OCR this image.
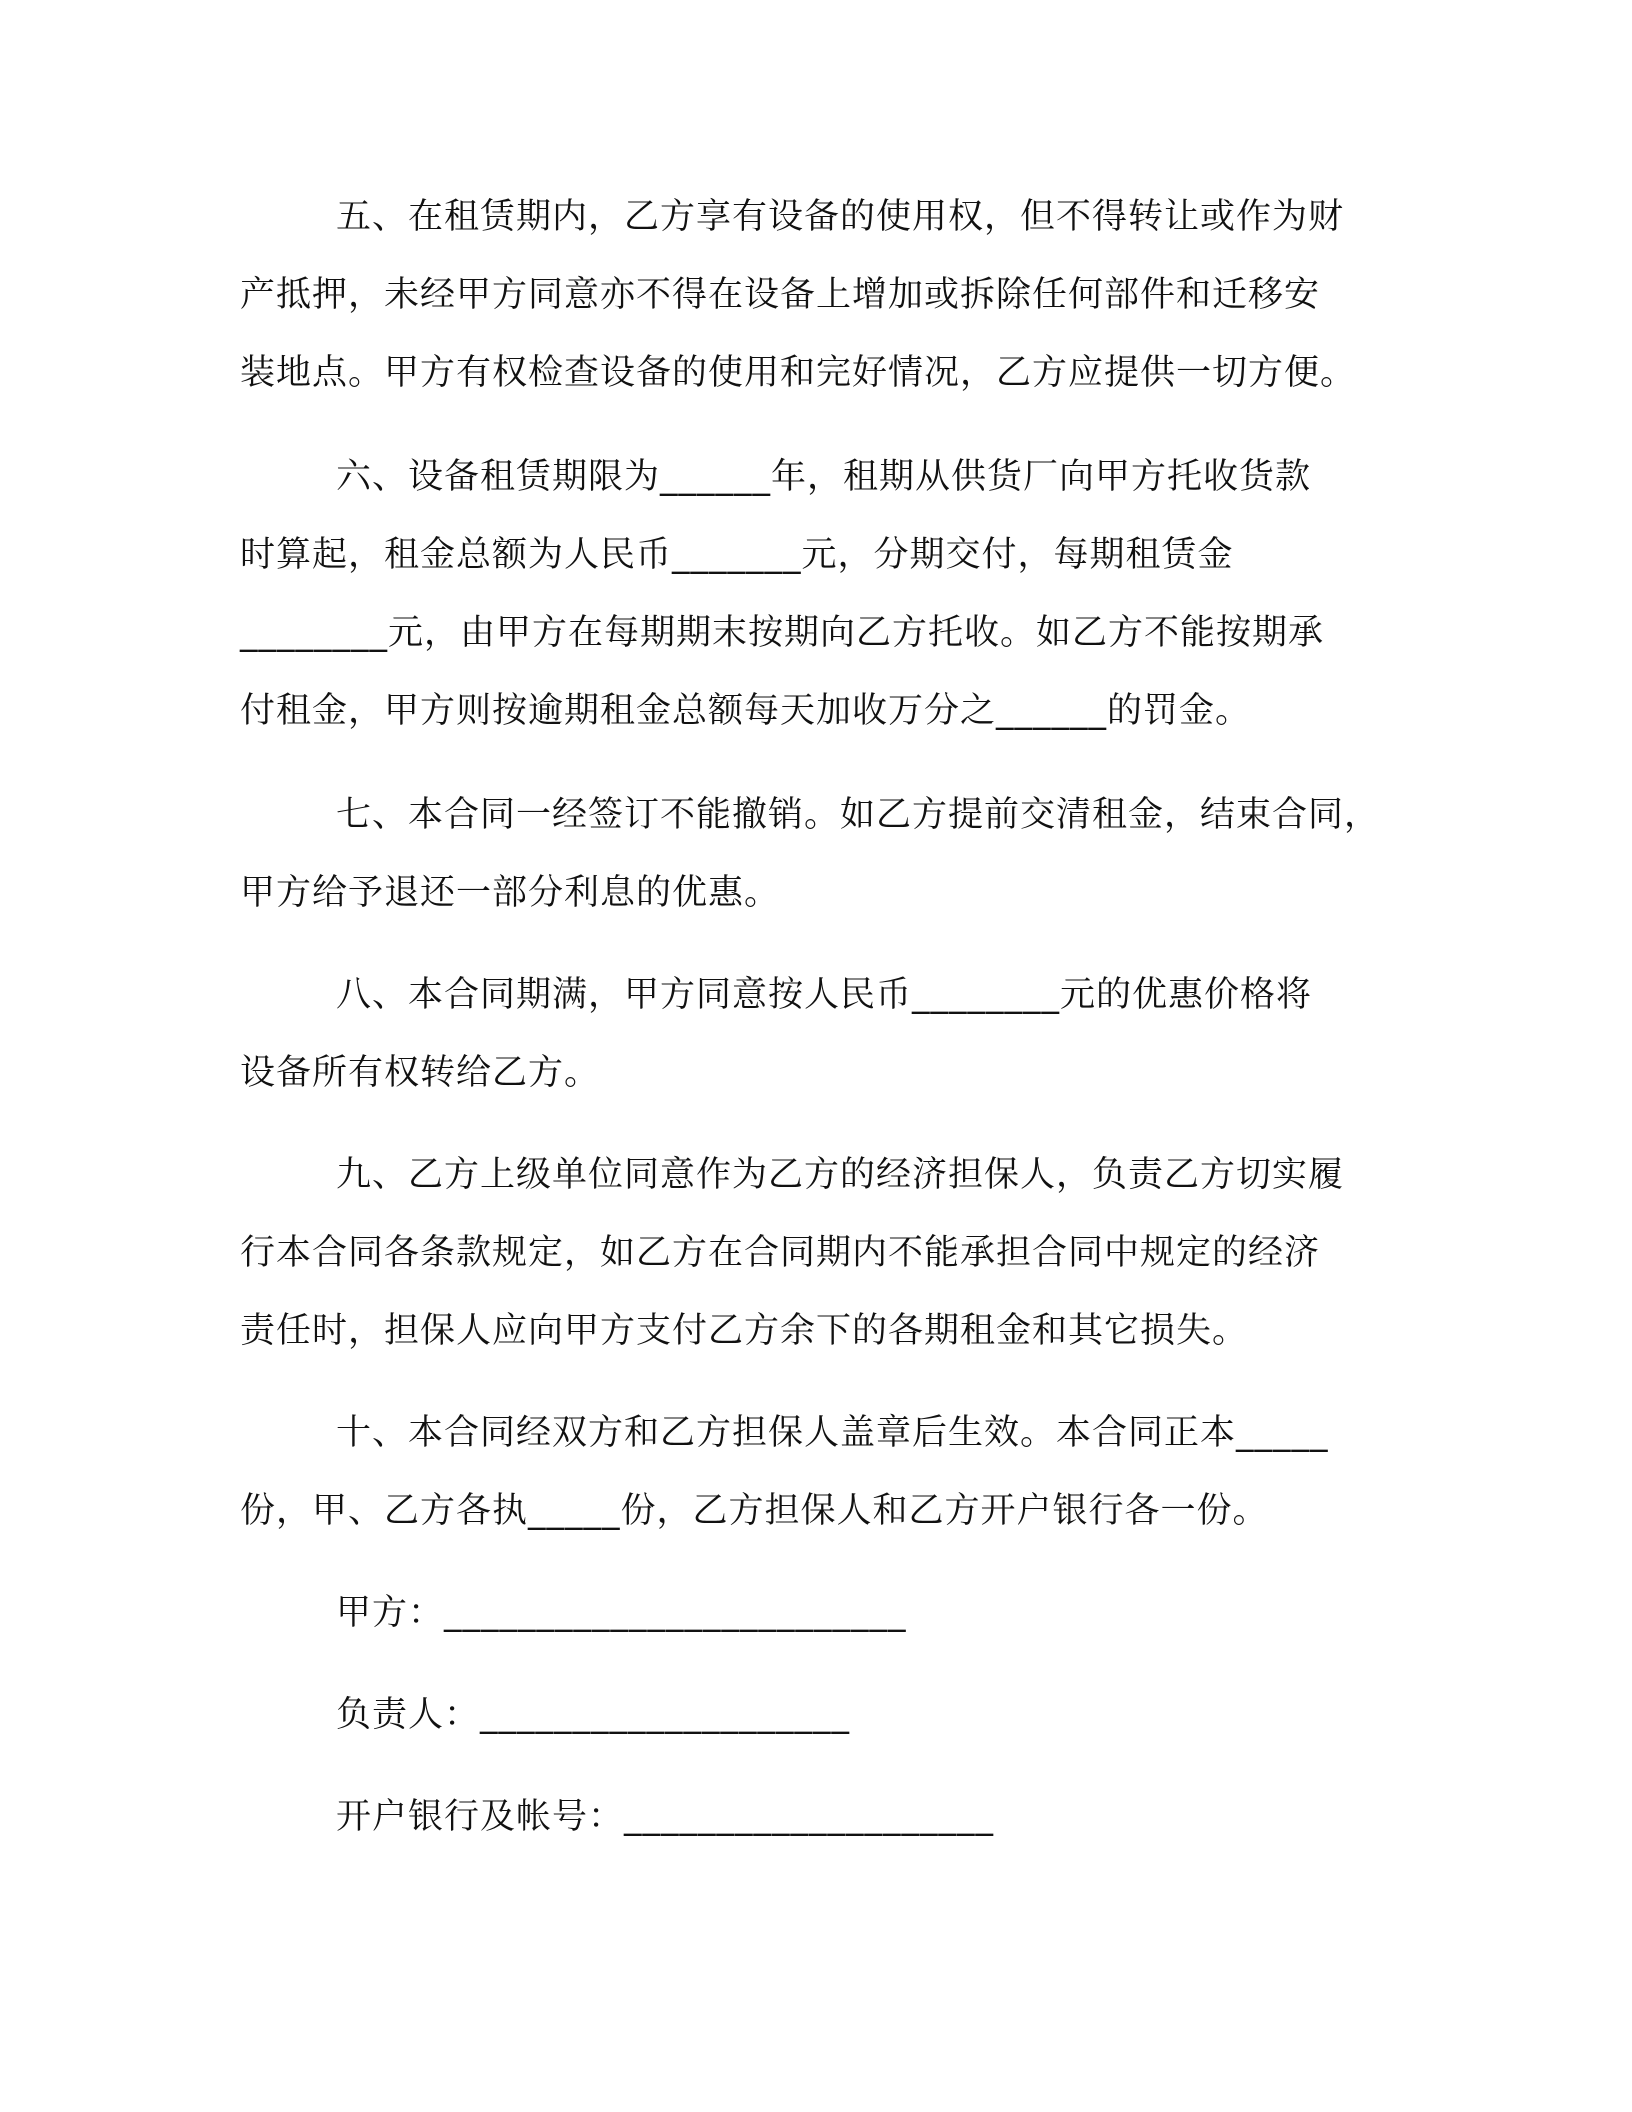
五、在租赁期内，乙方享有设备的使用权，但不得转让或作为财
产抵押，未经甲方同意亦不得在设备上增加或拆除任何部件和迁移安
装地点。甲方有权检查设备的使用和完好情况，乙方应提供一切方便。
六、设备租赁期限为______年，租期从供货厂向甲方托收货款
时算起，租金总额为人民币_______元，分期交付，每期租赁金
________元，由甲方在每期期末按期向乙方托收。如乙方不能按期承
付租金，甲方则按逾期租金总额每天加收万分之______的罚金。
七、本合同一经签订不能撤销。如乙方提前交清租金，结束合同，
甲方给予退还一部分利息的优惠。
八、本合同期满，甲方同意按人民币________元的优惠价格将
设备所有权转给乙方。
九、乙方上级单位同意作为乙方的经济担保人，负责乙方切实履
行本合同各条款规定，如乙方在合同期内不能承担合同中规定的经济
责任时，担保人应向甲方支付乙方余下的各期租金和其它损失。
十、本合同经双方和乙方担保人盖章后生效。本合同正本_____
份，甲、乙方各执_____份，乙方担保人和乙方开户银行各一份。
甲方：_________________________
负责人：____________________
开户银行及帐号：____________________
